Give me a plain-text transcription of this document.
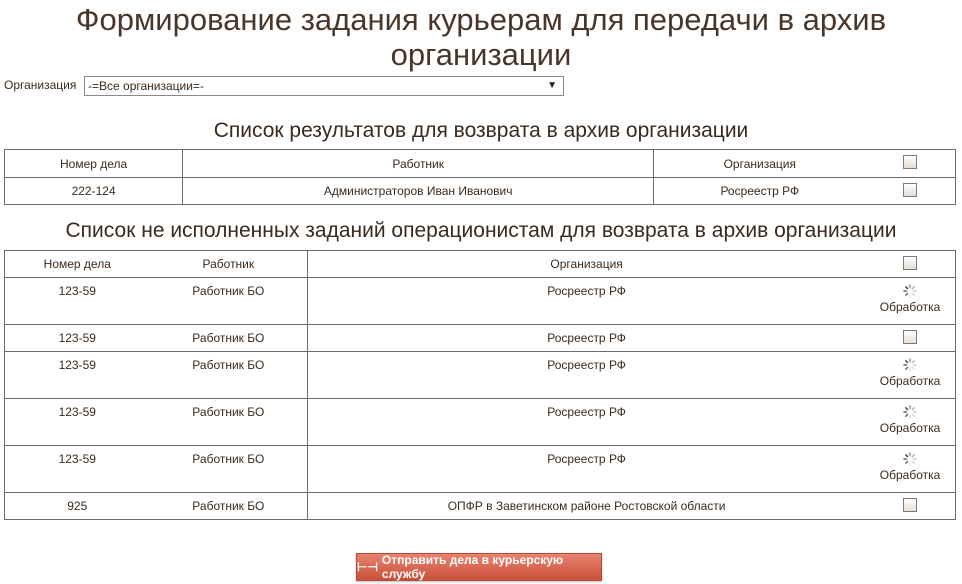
Формирование задания курьерам для передачи в архив
организации
Организация -=Все организации=-	▼
Список результатов для возврата в архив организации
Номер дела	Работник	Организация	
222-124	Администраторов Иван Иванович	Росреестр РФ	
Список не исполненных заданий операционистам для возврата в архив организации
Номер дела	Работник	Организация	
123-59	Работник БО	Росреестр РФ	Обработка
123-59	Работник БО	Росреестр РФ	
123-59	Работник БО	Росреестр РФ	Обработка
123-59	Работник БО	Росреестр РФ	Обработка
123-59	Работник БО	Росреестр РФ	Обработка
925	Работник БО	ОПФР в Заветинском районе Ростовской области	
⊢⊣ Отправить дела в курьерскую службу
